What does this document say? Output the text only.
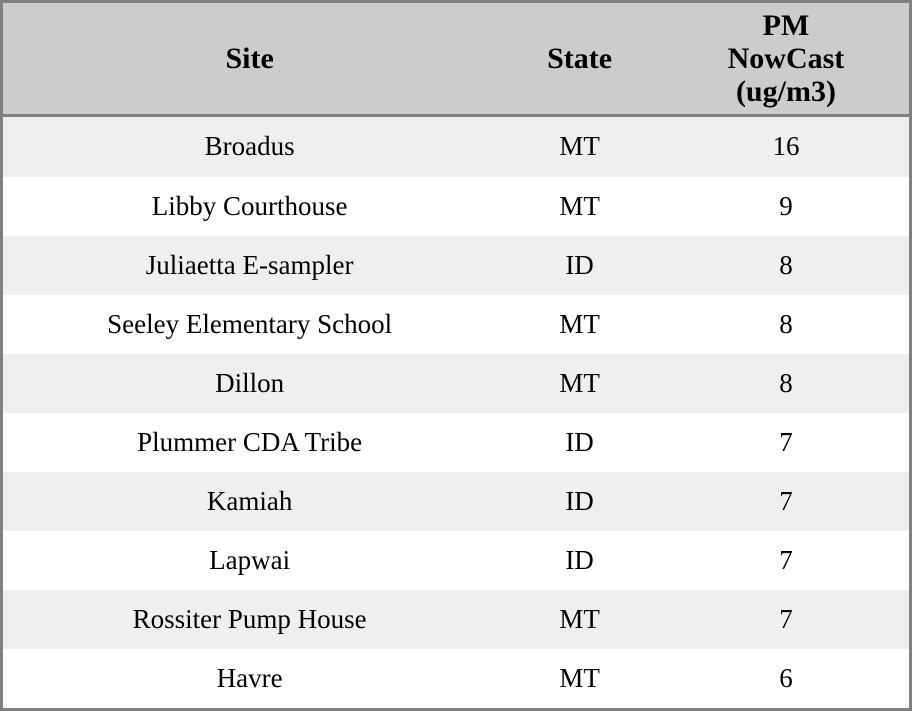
Site	State	PM
NowCast
(ug/m3)

Broadus	MT	16
Libby Courthouse	MT	9
Juliaetta E-sampler	ID	8
Seeley Elementary School	MT	8
Dillon	MT	8
Plummer CDA Tribe	ID	7
Kamiah	ID	7
Lapwai	ID	7
Rossiter Pump House	MT	7
Havre	MT	6
